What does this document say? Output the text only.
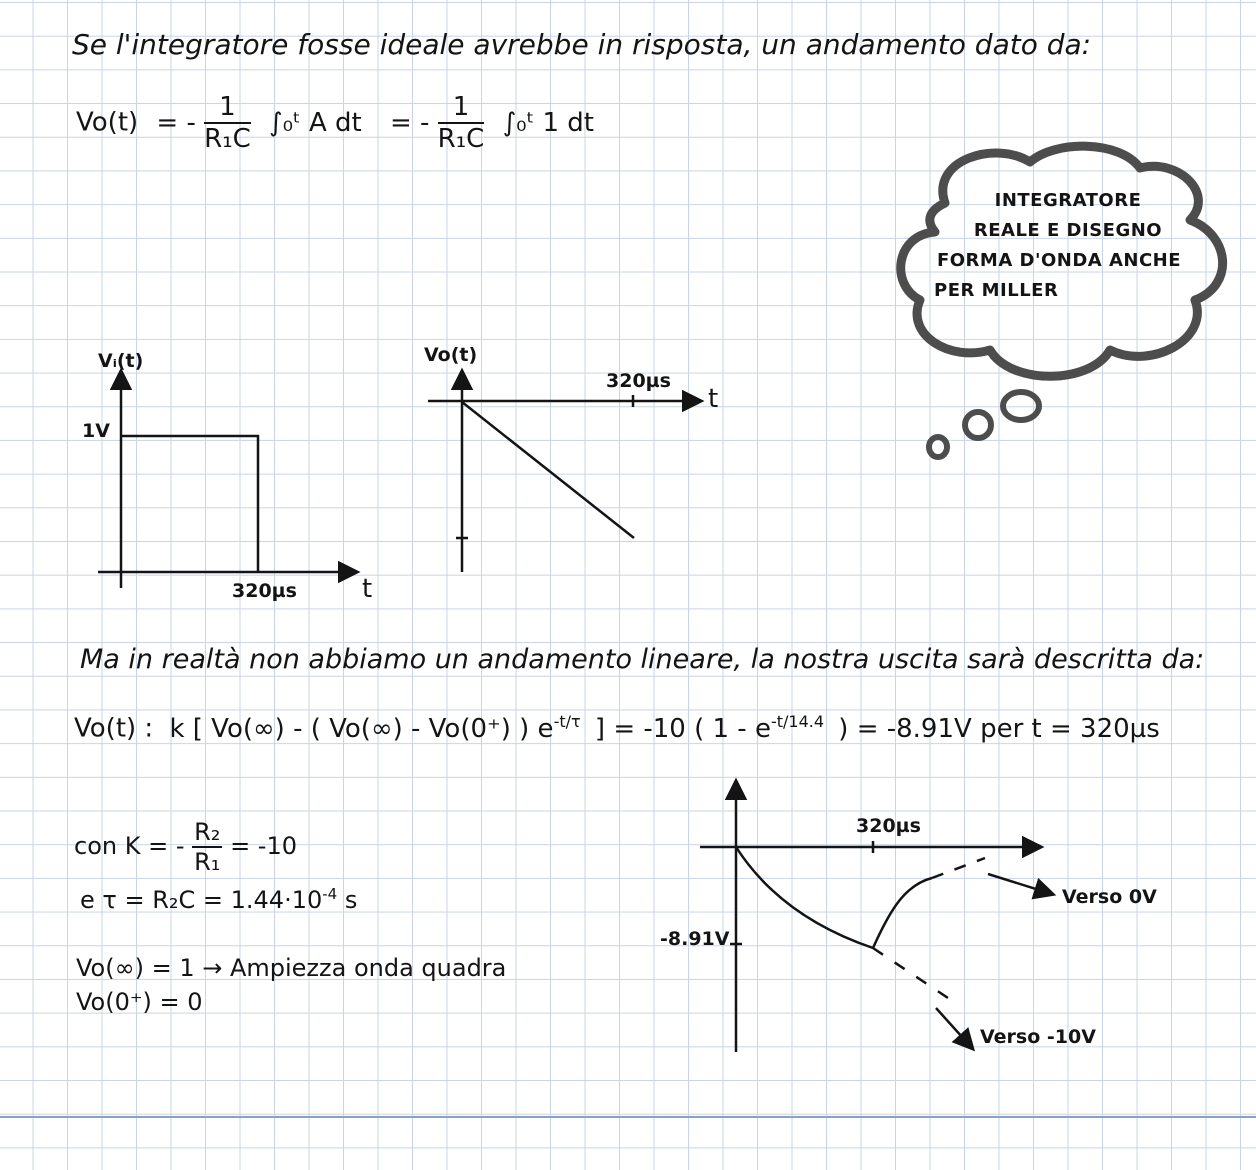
Se l'integratore fosse ideale avrebbe in risposta, un andamento dato da:
Vo(t) = - $\frac{1}{\text{R₁C}}$ ∫₀ᵗ A dt = - $\frac{1}{\text{R₁C}}$ ∫₀ᵗ 1 dt
Ma in realtà non abbiamo un andamento lineare, la nostra uscita sarà descritta da:
Vo(t) : k [ Vo(∞) - ( Vo(∞) - Vo(0⁺) ) $e^{-t/\tau}$ ] = -10 ( $1 - e^{-t/14.4}$ ) = -8.91V per t = 320µs
con K = - $\frac{\text{R₂}}{\text{R₁}} = -10$
e $\tau = R_2C = 1.44\cdot 10^{-4}$ s
Vo(∞) = 1 → Ampiezza onda quadra
Vo(0⁺) = 0
INTEGRATORE
REALE E DISEGNO
FORMA D'ONDA ANCHE
PER MILLER
Vᵢ(t)
1V
320µs	t
Vo(t)
320µs
t
320µs
-8.91V
Verso 0V
Verso -10V
